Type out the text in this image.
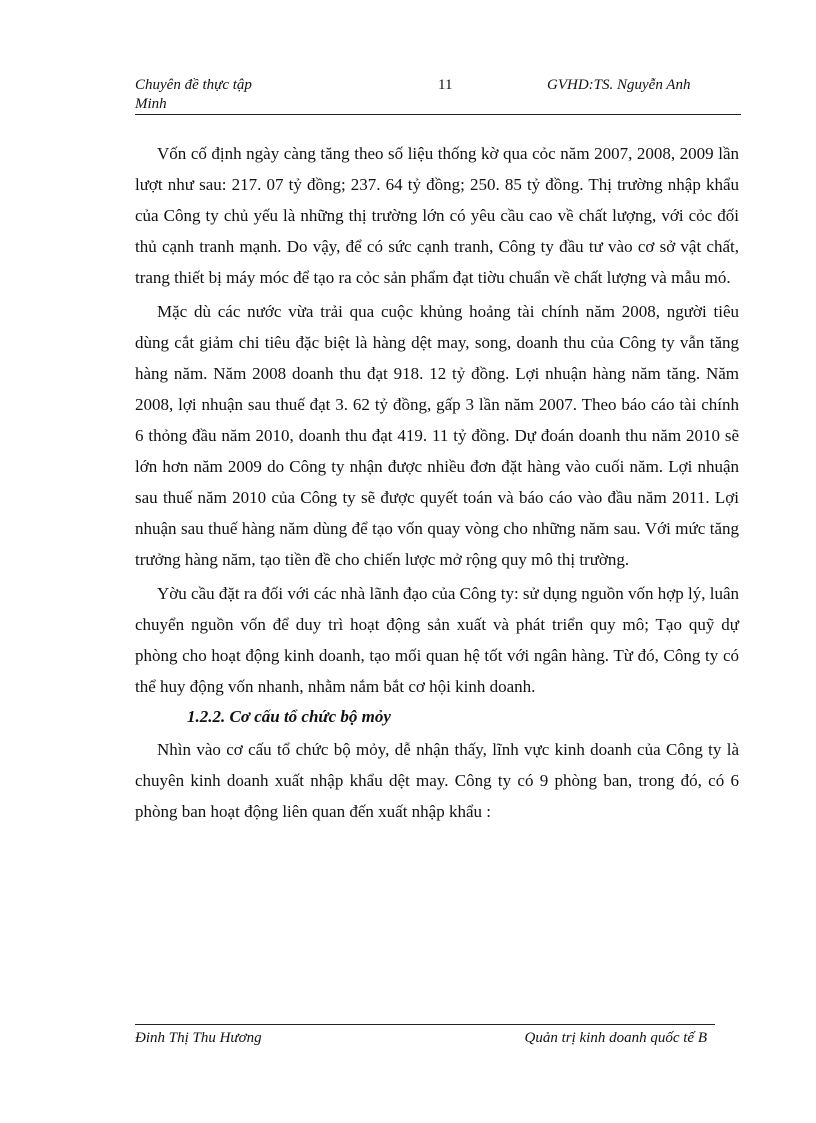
Chuyên đề thực tập Minh
11	GVHD:TS. Nguyễn Anh

Vốn cố định ngày càng tăng theo số liệu thống kờ qua cỏc năm 2007, 2008, 2009 lần lượt như sau: 217. 07 tỷ đồng; 237. 64 tỷ đồng; 250. 85 tỷ đồng. Thị trường nhập khẩu của Công ty chủ yếu là những thị trường lớn có yêu cầu cao về chất lượng, với cỏc đối thủ cạnh tranh mạnh. Do vậy, để có sức cạnh tranh, Công ty đầu tư vào cơ sở vật chất, trang thiết bị máy móc để tạo ra cỏc sản phẩm đạt tiờu chuẩn về chất lượng và mẫu mó.

Mặc dù các nước vừa trải qua cuộc khủng hoảng tài chính năm 2008, người tiêu dùng cắt giảm chi tiêu đặc biệt là hàng dệt may, song, doanh thu của Công ty vẫn tăng hàng năm. Năm 2008 doanh thu đạt 918. 12 tỷ đồng. Lợi nhuận hàng năm tăng. Năm 2008, lợi nhuận sau thuế đạt 3. 62 tỷ đồng, gấp 3 lần năm 2007. Theo báo cáo tài chính 6 thỏng đầu năm 2010, doanh thu đạt 419. 11 tỷ đồng. Dự đoán doanh thu năm 2010 sẽ lớn hơn năm 2009 do Công ty nhận được nhiều đơn đặt hàng vào cuối năm. Lợi nhuận sau thuế năm 2010 của Công ty sẽ được quyết toán và báo cáo vào đầu năm 2011. Lợi nhuận sau thuế hàng năm dùng để tạo vốn quay vòng cho những năm sau. Với mức tăng trưởng hàng năm, tạo tiền đề cho chiến lược mở rộng quy mô thị trường.

Yờu cầu đặt ra đối với các nhà lãnh đạo của Công ty: sử dụng nguồn vốn hợp lý, luân chuyển nguồn vốn để duy trì hoạt động sản xuất và phát triển quy mô; Tạo quỹ dự phòng cho hoạt động kinh doanh, tạo mối quan hệ tốt với ngân hàng. Từ đó, Công ty có thể huy động vốn nhanh, nhằm nắm bắt cơ hội kinh doanh.

1.2.2. Cơ cấu tổ chức bộ mỏy

Nhìn vào cơ cấu tổ chức bộ mỏy, dễ nhận thấy, lĩnh vực kinh doanh của Công ty là chuyên kinh doanh xuất nhập khẩu dệt may. Công ty có 9 phòng ban, trong đó, có 6 phòng ban hoạt động liên quan đến xuất nhập khẩu :

Đinh Thị Thu Hương	Quản trị kinh doanh quốc tế B
